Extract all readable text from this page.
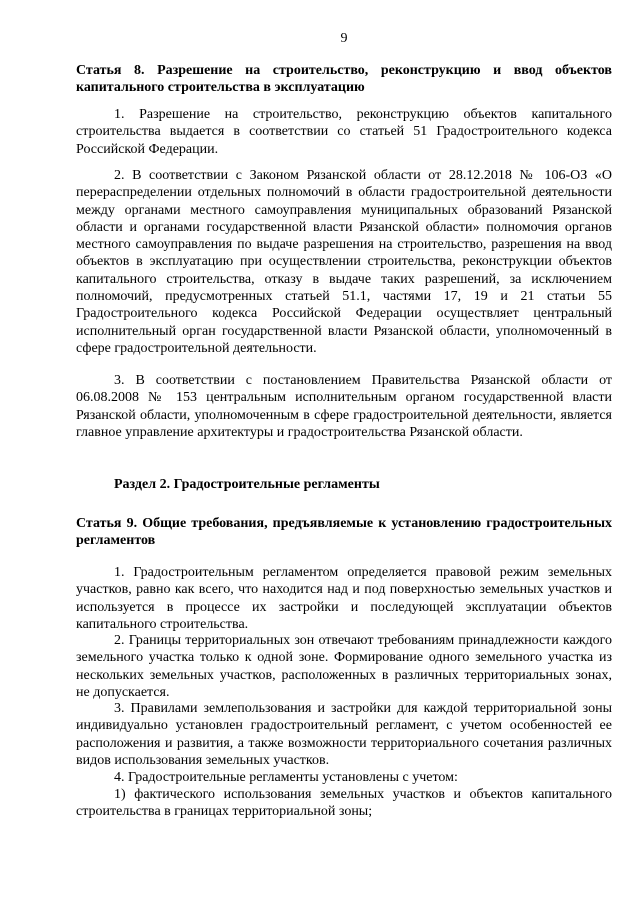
9
Статья 8. Разрешение на строительство, реконструкцию и ввод объектов капитального строительства в эксплуатацию

1. Разрешение на строительство, реконструкцию объектов капитального строительства выдается в соответствии со статьей 51 Градостроительного кодекса Российской Федерации.

2. В соответствии с Законом Рязанской области от 28.12.2018 № 106-ОЗ «О перераспределении отдельных полномочий в области градостроительной деятельности между органами местного самоуправления муниципальных образований Рязанской области и органами государственной власти Рязанской области» полномочия органов местного самоуправления по выдаче разрешения на строительство, разрешения на ввод объектов в эксплуатацию при осуществлении строительства, реконструкции объектов капитального строительства, отказу в выдаче таких разрешений, за исключением полномочий, предусмотренных статьей 51.1, частями 17, 19 и 21 статьи 55 Градостроительного кодекса Российской Федерации осуществляет центральный исполнительный орган государственной власти Рязанской области, уполномоченный в сфере градостроительной деятельности.

3. В соответствии с постановлением Правительства Рязанской области от 06.08.2008 № 153 центральным исполнительным органом государственной власти Рязанской области, уполномоченным в сфере градостроительной деятельности, является главное управление архитектуры и градостроительства Рязанской области.

Раздел 2. Градостроительные регламенты
Статья 9. Общие требования, предъявляемые к установлению градостроительных регламентов

1. Градостроительным регламентом определяется правовой режим земельных участков, равно как всего, что находится над и под поверхностью земельных участков и используется в процессе их застройки и последующей эксплуатации объектов капитального строительства.

2. Границы территориальных зон отвечают требованиям принадлежности каждого земельного участка только к одной зоне. Формирование одного земельного участка из нескольких земельных участков, расположенных в различных территориальных зонах, не допускается.

3. Правилами землепользования и застройки для каждой территориальной зоны индивидуально установлен градостроительный регламент, с учетом особенностей ее расположения и развития, а также возможности территориального сочетания различных видов использования земельных участков.

4. Градостроительные регламенты установлены с учетом:

1) фактического использования земельных участков и объектов капитального строительства в границах территориальной зоны;
